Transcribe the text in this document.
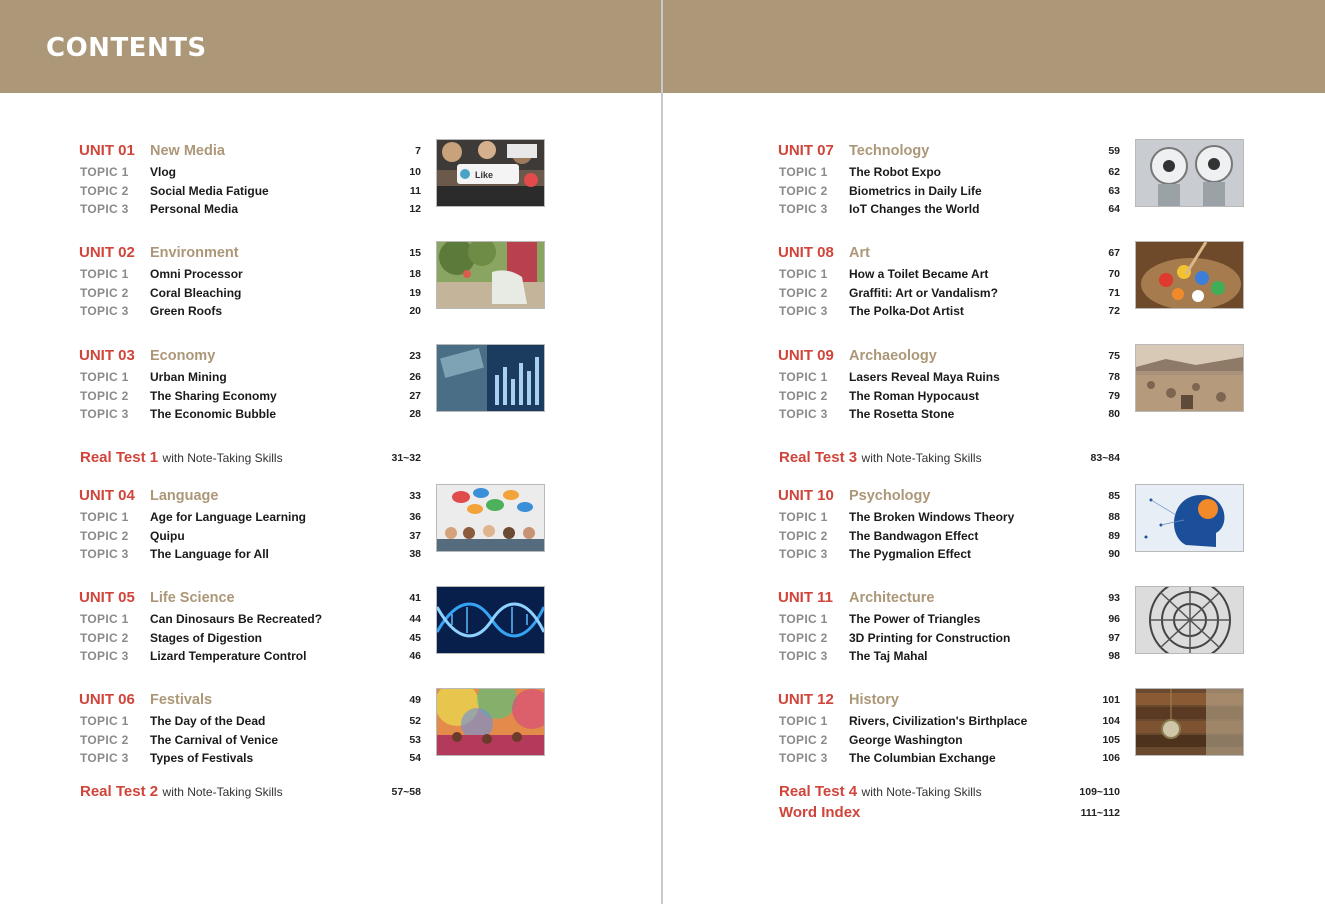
CONTENTS
UNIT 01 New Media	7
TOPIC 1 Vlog	10
TOPIC 2 Social Media Fatigue	11
TOPIC 3 Personal Media	12
Like
UNIT 02 Environment	15
TOPIC 1 Omni Processor	18
TOPIC 2 Coral Bleaching	19
TOPIC 3 Green Roofs	20
UNIT 03 Economy	23
TOPIC 1 Urban Mining	26
TOPIC 2 The Sharing Economy	27
TOPIC 3 The Economic Bubble	28
UNIT 04 Language	33
TOPIC 1 Age for Language Learning	36
TOPIC 2 Quipu	37
TOPIC 3 The Language for All	38
UNIT 05 Life Science	41
TOPIC 1 Can Dinosaurs Be Recreated?	44
TOPIC 2 Stages of Digestion	45
TOPIC 3 Lizard Temperature Control	46
UNIT 06 Festivals	49
TOPIC 1 The Day of the Dead	52
TOPIC 2 The Carnival of Venice	53
TOPIC 3 Types of Festivals	54
Real Test 1 with Note-Taking Skills	31~32
Real Test 2 with Note-Taking Skills	57~58
UNIT 07 Technology	59
TOPIC 1 The Robot Expo	62
TOPIC 2 Biometrics in Daily Life	63
TOPIC 3 IoT Changes the World	64
UNIT 08 Art	67
TOPIC 1 How a Toilet Became Art	70
TOPIC 2 Graffiti: Art or Vandalism?	71
TOPIC 3 The Polka-Dot Artist	72
UNIT 09 Archaeology	75
TOPIC 1 Lasers Reveal Maya Ruins	78
TOPIC 2 The Roman Hypocaust	79
TOPIC 3 The Rosetta Stone	80
UNIT 10 Psychology	85
TOPIC 1 The Broken Windows Theory	88
TOPIC 2 The Bandwagon Effect	89
TOPIC 3 The Pygmalion Effect	90
UNIT 11 Architecture	93
TOPIC 1 The Power of Triangles	96
TOPIC 2 3D Printing for Construction	97
TOPIC 3 The Taj Mahal	98
UNIT 12 History	101
TOPIC 1 Rivers, Civilization's Birthplace	104
TOPIC 2 George Washington	105
TOPIC 3 The Columbian Exchange	106
Real Test 3 with Note-Taking Skills	83~84
Real Test 4 with Note-Taking Skills	109~110
Word Index	111~112
